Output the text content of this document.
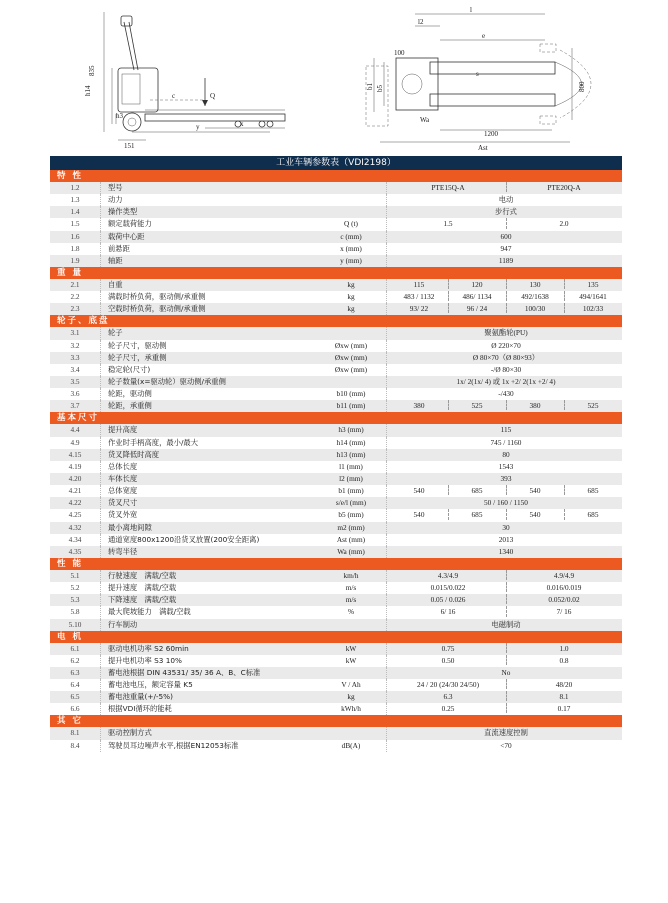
835
h3
h14	Q
c
y	x
151
l
l2
e
b1 b5
100
800
Wa
1200
Ast
s
工业车辆参数表（VDI2198）
特 性
1.2	型号	PTE15Q-A	PTE20Q-A
1.3	动力	电动
1.4	操作类型	步行式
1.5	额定载荷能力	Q (t)	1.5	2.0
1.6	载荷中心距	c (mm)	600
1.8	前悬距	x (mm)	947
1.9	轴距	y (mm)	1189
重 量
2.1	自重	kg	115	120	130	135
2.2	满载时桥负荷，驱动侧/承重侧	kg	483 / 1132	486/ 1134	492/1638	494/1641
2.3	空载时桥负荷，驱动侧/承重侧	kg	93/ 22	96 / 24	100/30	102/33
轮子、底盘
3.1	轮子	聚氨酯轮(PU)
3.2	轮子尺寸，驱动侧	Øxw (mm)	Ø 220×70
3.3	轮子尺寸，承重侧	Øxw (mm)	Ø 80×70（Ø 80×93）
3.4	稳定轮(尺寸)	Øxw (mm)	-/Ø 80×30
3.5	轮子数量(x=驱动轮）驱动侧/承重侧	1x/ 2(1x/ 4) 或 1x +2/ 2(1x +2/ 4)
3.6	轮距，驱动侧	b10 (mm)	-/430
3.7	轮距，承重侧	b11 (mm)	380	525	380	525
基本尺寸
4.4	提升高度	h3 (mm)	115
4.9	作业时手柄高度，最小/最大	h14 (mm)	745 / 1160
4.15	货叉降低时高度	h13 (mm)	80
4.19	总体长度	l1 (mm)	1543
4.20	车体长度	l2 (mm)	393
4.21	总体宽度	b1 (mm)	540	685	540	685
4.22	货叉尺寸	s/e/l (mm)	50 / 160 / 1150
4.25	货叉外宽	b5 (mm)	540	685	540	685
4.32	最小离地间隙	m2 (mm)	30
4.34	通道宽度800x1200沿货叉放置(200安全距离)	Ast (mm)	2013
4.35	转弯半径	Wa (mm)	1340
性 能
5.1	行驶速度　满载/空载	km/h	4.3/4.9	4.9/4.9
5.2	提升速度　满载/空载	m/s	0.015/0.022	0.016/0.019
5.3	下降速度　满载/空载	m/s	0.05 / 0.026	0.052/0.02
5.8	最大爬坡能力　满载/空载	%	6/ 16	7/ 16
5.10	行车制动	电磁制动
电 机
6.1	驱动电机功率 S2 60min	kW	0.75	1.0
6.2	提升电机功率 S3 10%	kW	0.50	0.8
6.3	蓄电池根据 DIN 43531/ 35/ 36 A、B、C标准	No
6.4	蓄电池电压，额定容量 K5	V / Ah	24 / 20 (24/30 24/50)	48/20
6.5	蓄电池重量(+/-5%)	kg	6.3	8.1
6.6	根据VDI循环的能耗	kWh/h	0.25	0.17
其 它
8.1	驱动控制方式	直流速度控制
8.4	驾驶员耳边噪声水平,根据EN12053标准	dB(A)	<70
